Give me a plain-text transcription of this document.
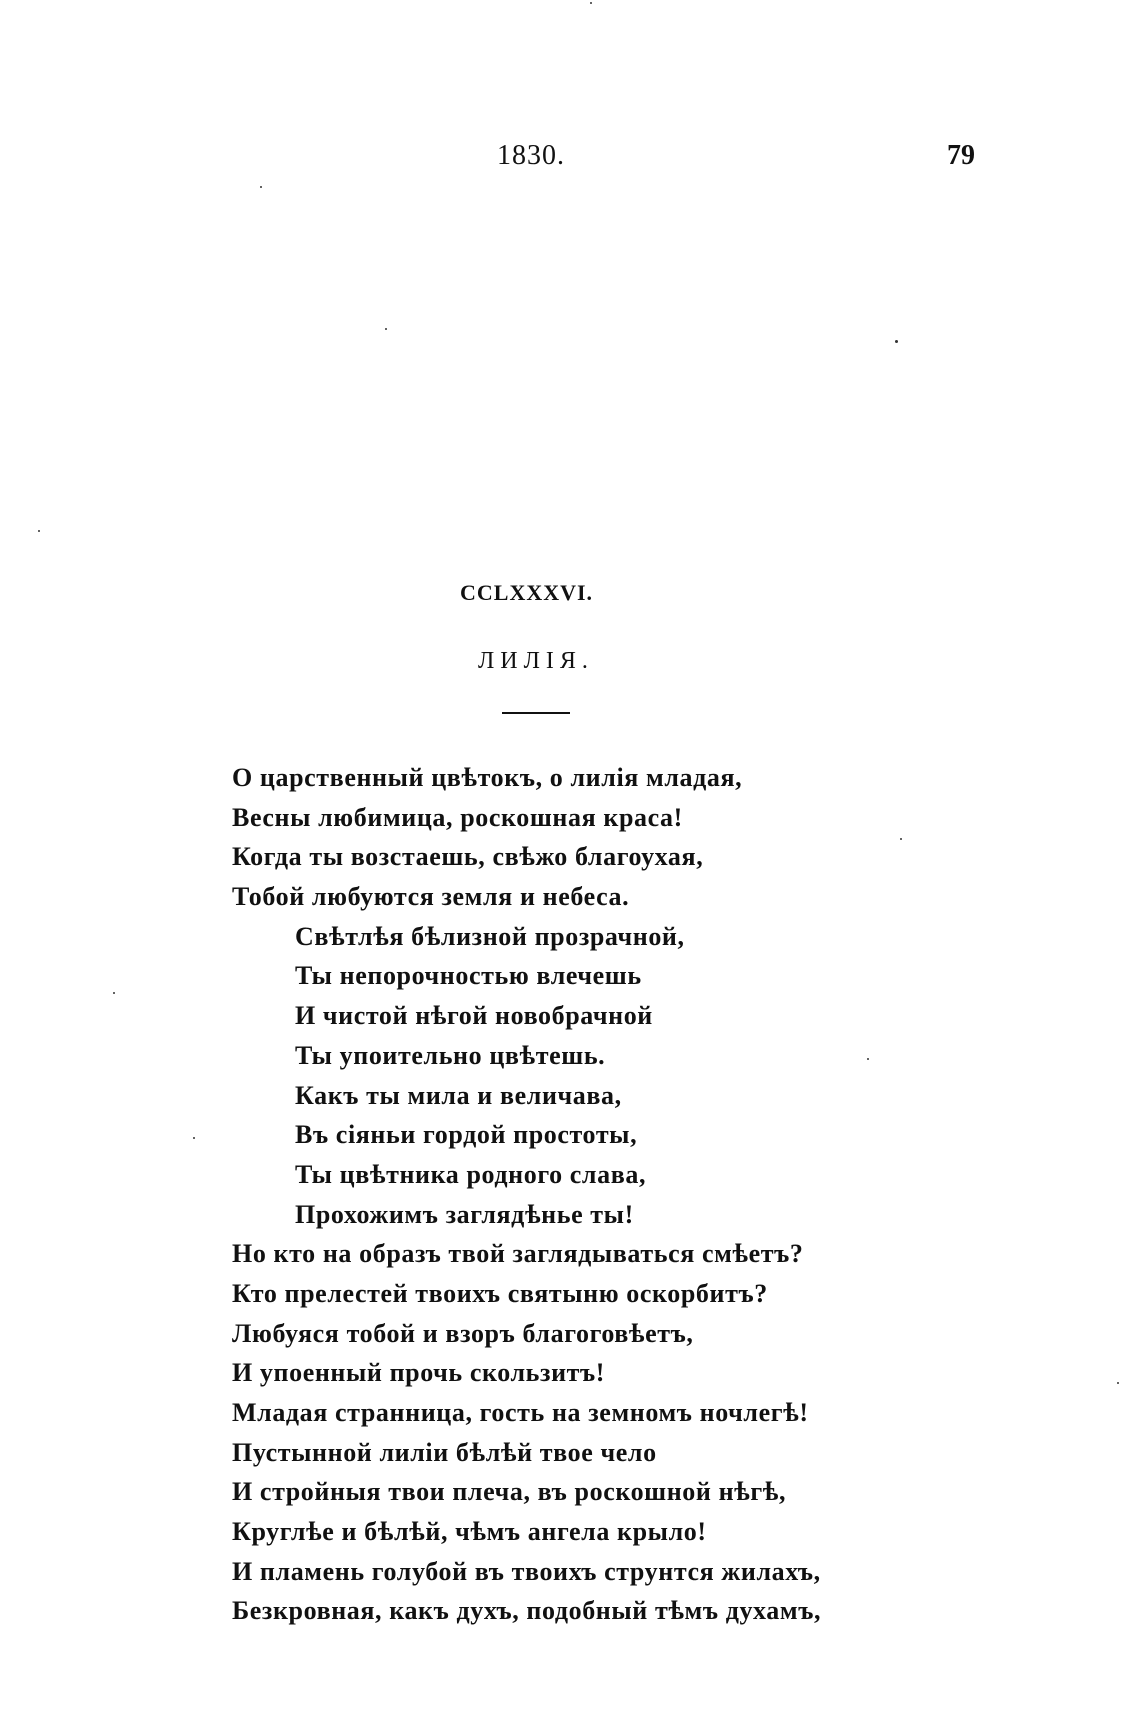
1830.	79
CCLXXXVI.
ЛИЛІЯ.
О царственный цвѣтокъ, о лилія младая,
Весны любимица, роскошная краса!
Когда ты возстаешь, свѣжо благоухая,
Тобой любуются земля и небеса.
Свѣтлѣя бѣлизной прозрачной,
Ты непорочностью влечешь
И чистой нѣгой новобрачной
Ты упоительно цвѣтешь.
Какъ ты мила и величава,
Въ сіяньи гордой простоты,
Ты цвѣтника родного слава,
Прохожимъ заглядѣнье ты!
Но кто на образъ твой заглядываться смѣетъ?
Кто прелестей твоихъ святыню оскорбитъ?
Любуяся тобой и взоръ благоговѣетъ,
И упоенный прочь скользитъ!
Младая странница, гость на земномъ ночлегѣ!
Пустынной лиліи бѣлѣй твое чело
И стройныя твои плеча, въ роскошной нѣгѣ,
Круглѣе и бѣлѣй, чѣмъ ангела крыло!
И пламень голубой въ твоихъ струнтся жилахъ,
Безкровная, какъ духъ, подобный тѣмъ духамъ,
